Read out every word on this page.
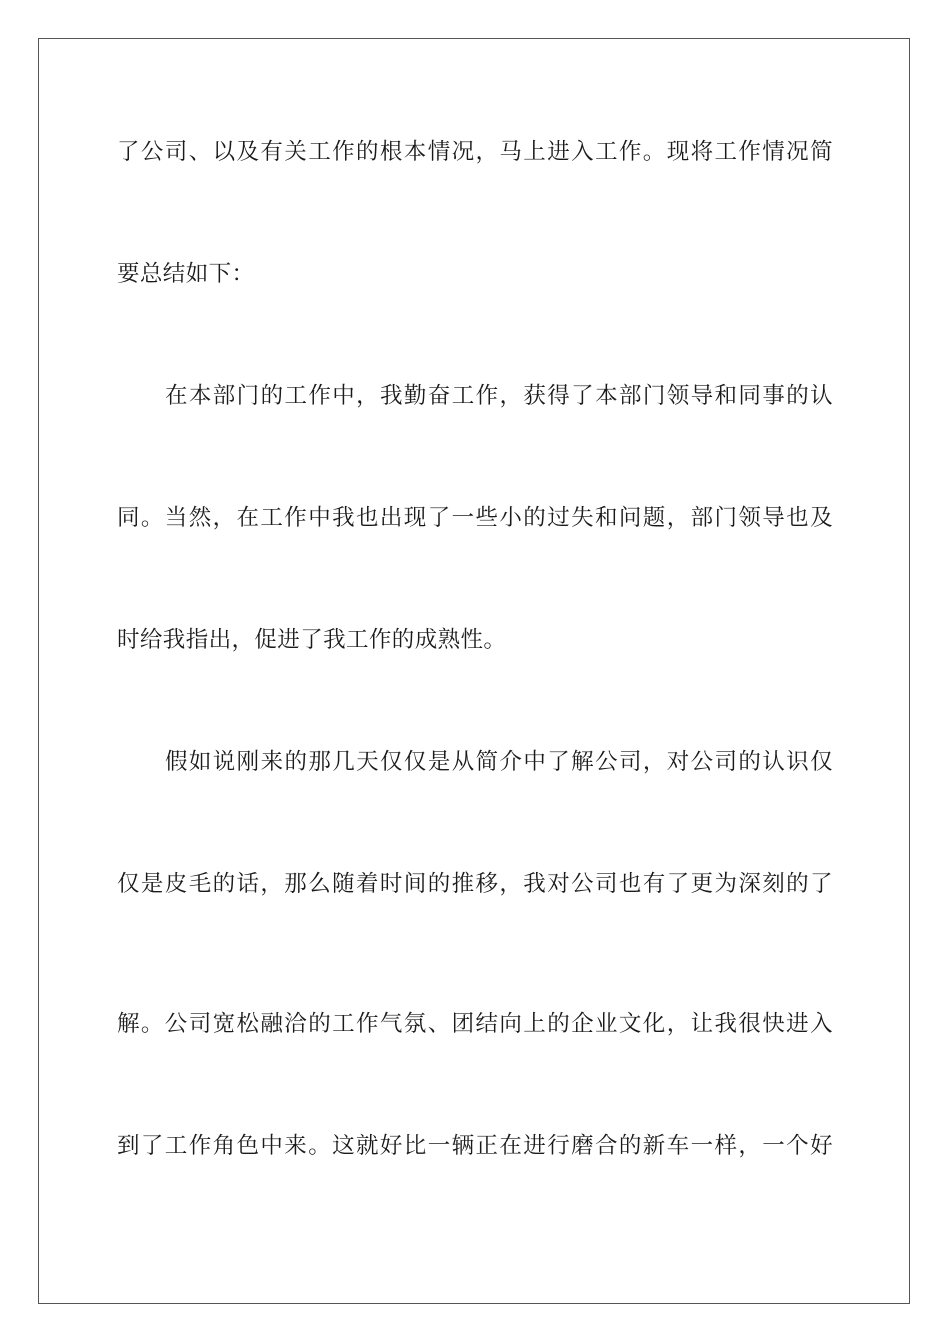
了公司、以及有关工作的根本情况，马上进入工作。现将工作情况简
要总结如下：
在本部门的工作中，我勤奋工作，获得了本部门领导和同事的认
同。当然，在工作中我也出现了一些小的过失和问题，部门领导也及
时给我指出，促进了我工作的成熟性。
假如说刚来的那几天仅仅是从简介中了解公司，对公司的认识仅
仅是皮毛的话，那么随着时间的推移，我对公司也有了更为深刻的了
解。公司宽松融洽的工作气氛、团结向上的企业文化，让我很快进入
到了工作角色中来。这就好比一辆正在进行磨合的新车一样，一个好
